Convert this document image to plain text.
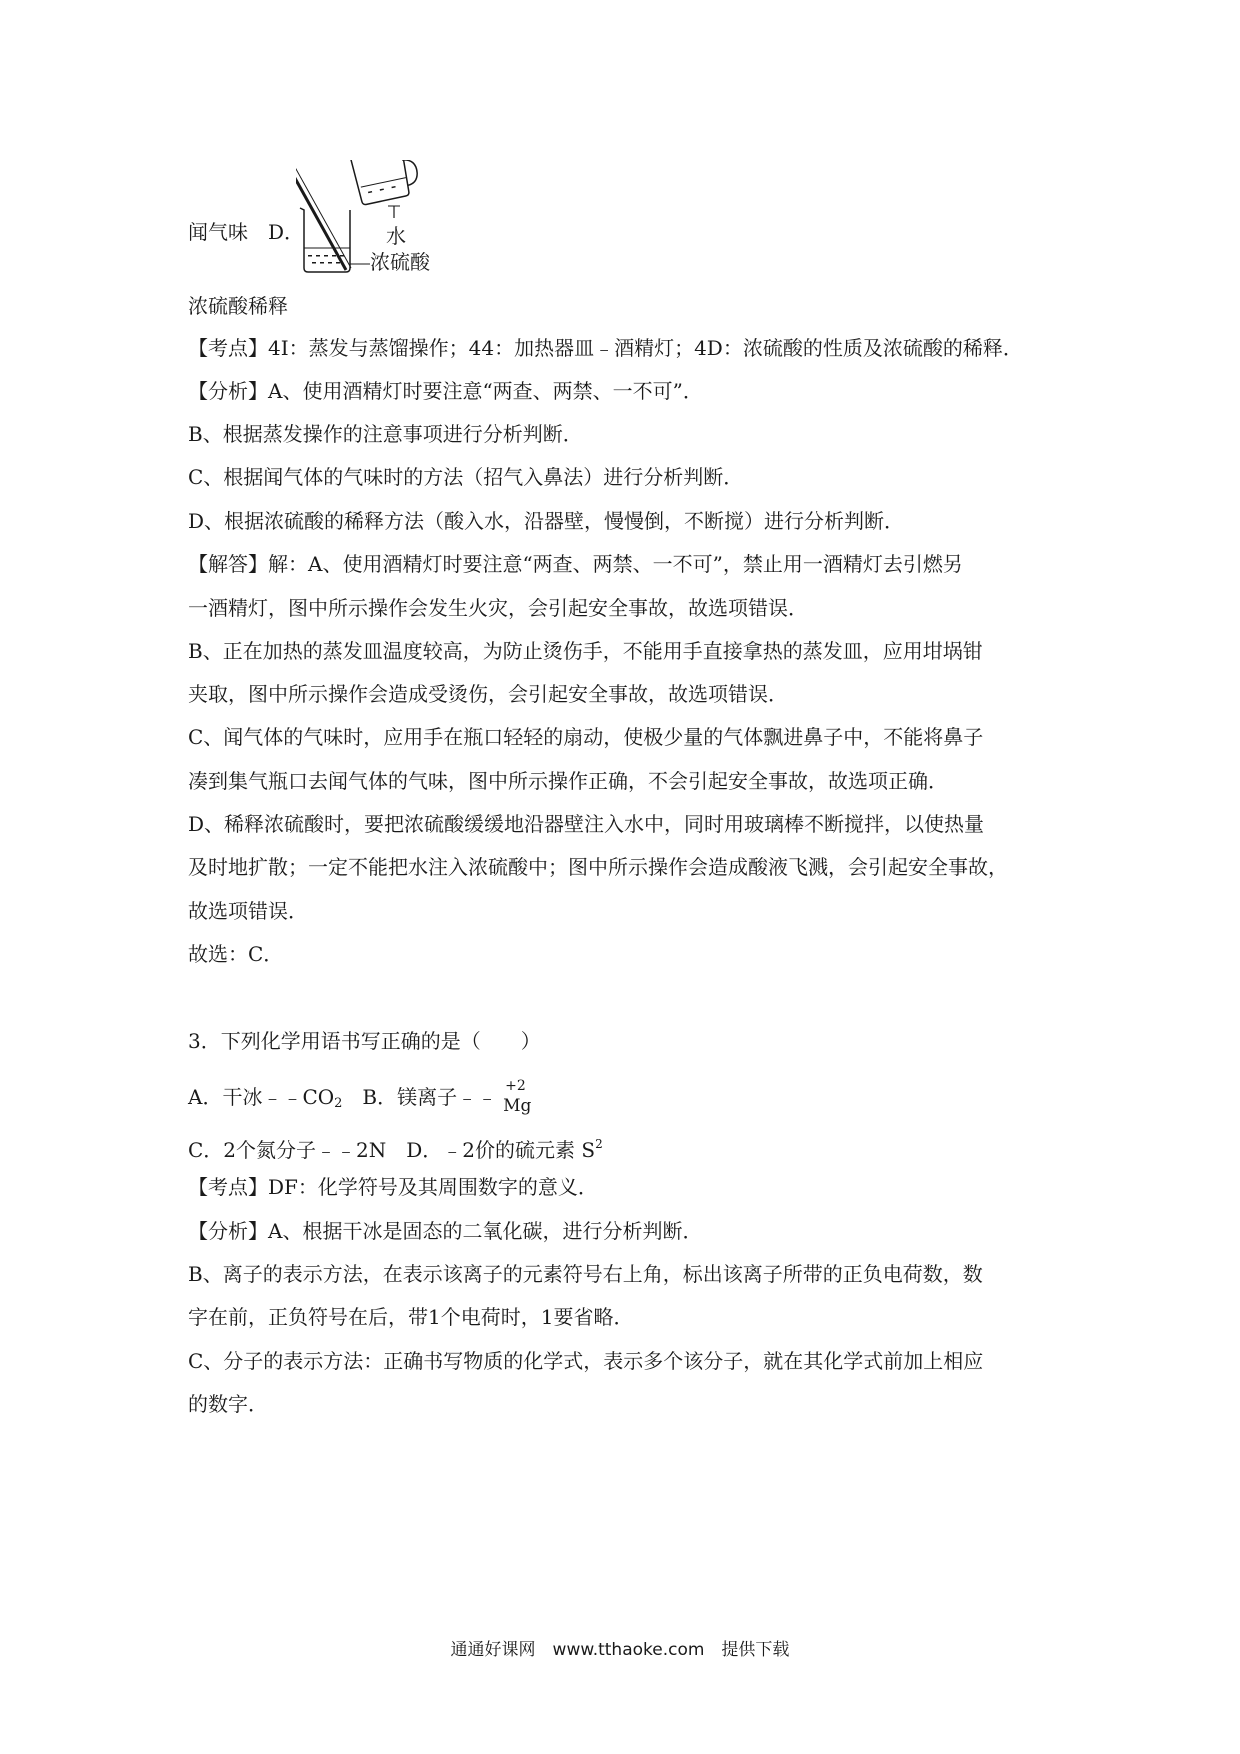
闻气味　D．	水
浓硫酸
浓硫酸稀释
【考点】4I：蒸发与蒸馏操作；44：加热器皿﹣酒精灯；4D：浓硫酸的性质及浓硫酸的稀释．
【分析】A、使用酒精灯时要注意“两查、两禁、一不可”．
B、根据蒸发操作的注意事项进行分析判断．
C、根据闻气体的气味时的方法（招气入鼻法）进行分析判断．
D、根据浓硫酸的稀释方法（酸入水，沿器壁，慢慢倒，不断搅）进行分析判断．
【解答】解：A、使用酒精灯时要注意“两查、两禁、一不可”，禁止用一酒精灯去引燃另
一酒精灯，图中所示操作会发生火灾，会引起安全事故，故选项错误．
B、正在加热的蒸发皿温度较高，为防止烫伤手，不能用手直接拿热的蒸发皿，应用坩埚钳
夹取，图中所示操作会造成受烫伤，会引起安全事故，故选项错误．
C、闻气体的气味时，应用手在瓶口轻轻的扇动，使极少量的气体飘进鼻子中，不能将鼻子
凑到集气瓶口去闻气体的气味，图中所示操作正确，不会引起安全事故，故选项正确．
D、稀释浓硫酸时，要把浓硫酸缓缓地沿器壁注入水中，同时用玻璃棒不断搅拌，以使热量
及时地扩散；一定不能把水注入浓硫酸中；图中所示操作会造成酸液飞溅，会引起安全事故，
故选项错误．
故选：C．
3．下列化学用语书写正确的是（　　）
A．干冰$﹣﹣CO_2$　B．镁离子﹣﹣ +2
Mg
C．2个氮分子﹣﹣2N　D．﹣2价的硫元素 $S^2$
【考点】DF：化学符号及其周围数字的意义．
【分析】A、根据干冰是固态的二氧化碳，进行分析判断．
B、离子的表示方法，在表示该离子的元素符号右上角，标出该离子所带的正负电荷数，数
字在前，正负符号在后，带1个电荷时，1要省略．
C、分子的表示方法：正确书写物质的化学式，表示多个该分子，就在其化学式前加上相应
的数字．
通通好课网　www.tthaoke.com　提供下载
